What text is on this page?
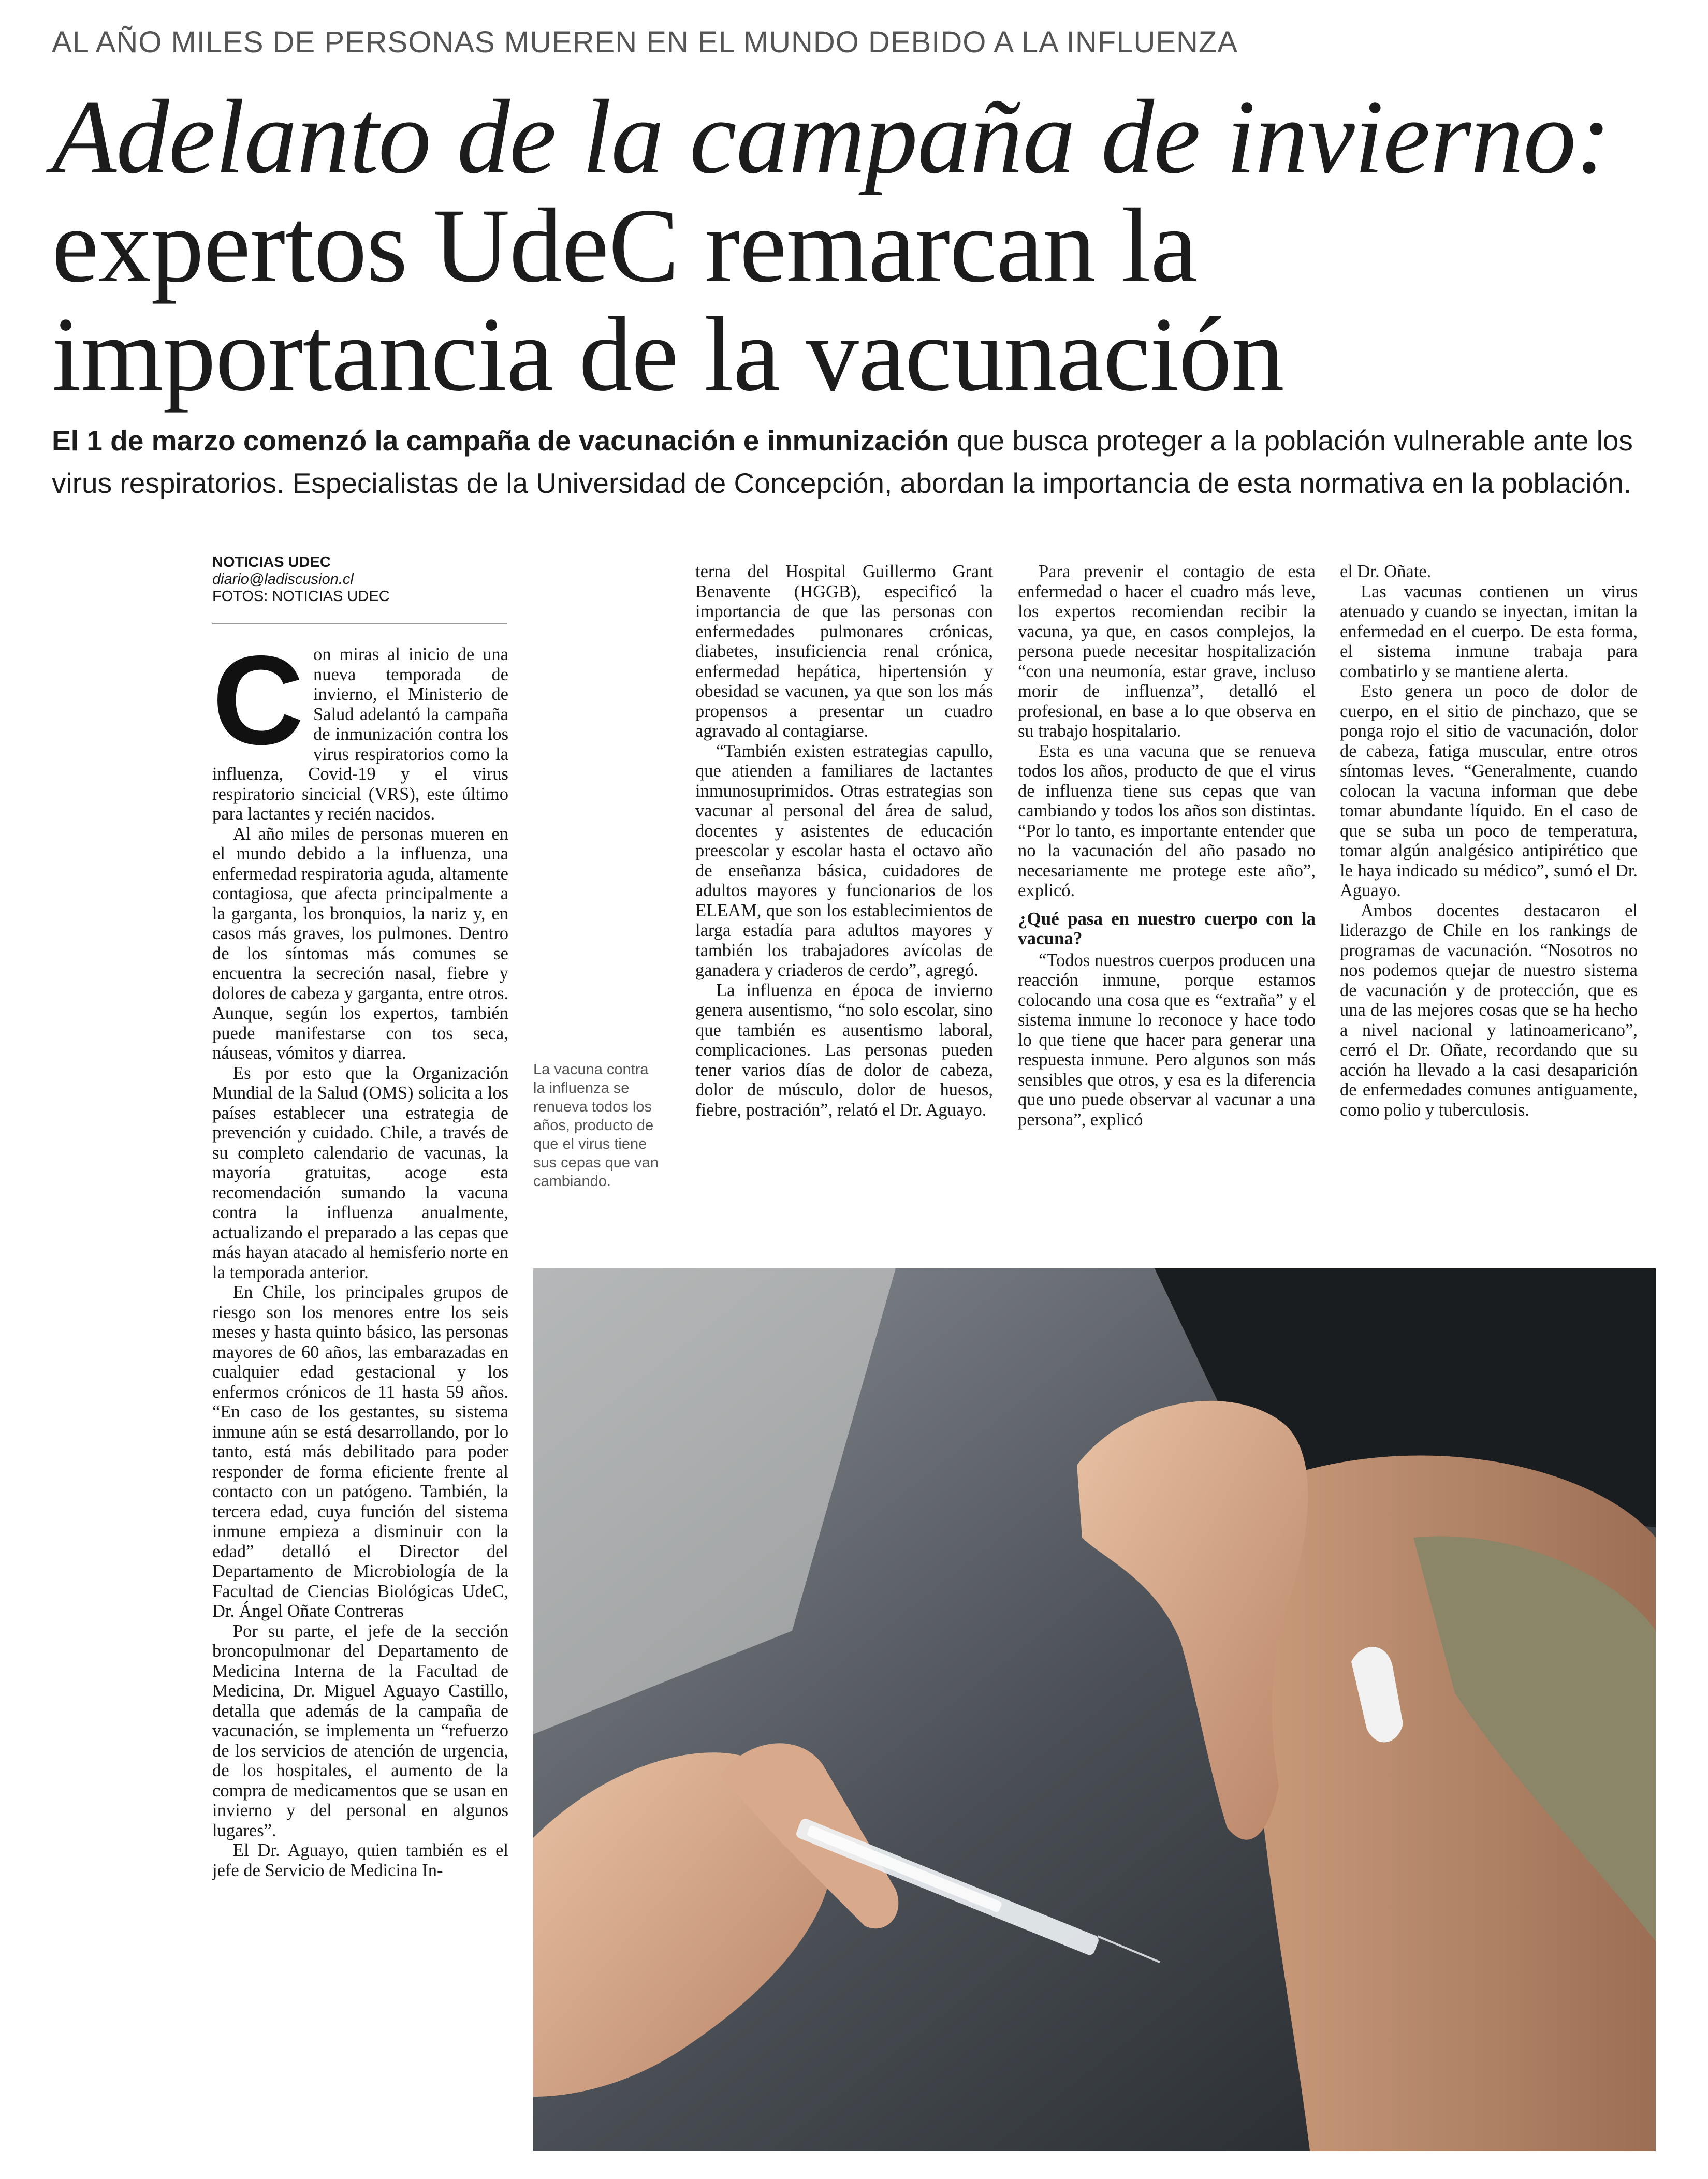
AL AÑO MILES DE PERSONAS MUEREN EN EL MUNDO DEBIDO A LA INFLUENZA
Adelanto de la campaña de invierno:
expertos UdeC remarcan la
importancia de la vacunación
El 1 de marzo comenzó la campaña de vacunación e inmunización que busca proteger a la población vulnerable ante los virus respiratorios. Especialistas de la Universidad de Concepción, abordan la importancia de esta normativa en la población.
NOTICIAS UDEC
diario@ladiscusion.cl
FOTOS: NOTICIAS UDEC
C on miras al inicio de una nueva temporada de invierno, el Ministerio de Salud adelantó la campaña de inmunización contra los virus respiratorios como la influenza, Covid-19 y el virus respiratorio sincicial (VRS), este último para lactantes y recién nacidos.

Al año miles de personas mueren en el mundo debido a la influenza, una enfermedad respiratoria aguda, altamente contagiosa, que afecta principalmente a la garganta, los bronquios, la nariz y, en casos más graves, los pulmones. Dentro de los síntomas más comunes se encuentra la secreción nasal, fiebre y dolores de cabeza y garganta, entre otros. Aunque, según los expertos, también puede manifestarse con tos seca, náuseas, vómitos y diarrea.

Es por esto que la Organización Mundial de la Salud (OMS) solicita a los países establecer una estrategia de prevención y cuidado. Chile, a través de su completo calendario de vacunas, la mayoría gratuitas, acoge esta recomendación sumando la vacuna contra la influenza anualmente, actualizando el preparado a las cepas que más hayan atacado al hemisferio norte en la temporada anterior.

En Chile, los principales grupos de riesgo son los menores entre los seis meses y hasta quinto básico, las personas mayores de 60 años, las embarazadas en cualquier edad gestacional y los enfermos crónicos de 11 hasta 59 años. “En caso de los gestantes, su sistema inmune aún se está desarrollando, por lo tanto, está más debilitado para poder responder de forma eficiente frente al contacto con un patógeno. También, la tercera edad, cuya función del sistema inmune empieza a disminuir con la edad” detalló el Director del Departamento de Microbiología de la Facultad de Ciencias Biológicas UdeC, Dr. Ángel Oñate Contreras

Por su parte, el jefe de la sección broncopulmonar del Departamento de Medicina Interna de la Facultad de Medicina, Dr. Miguel Aguayo Castillo, detalla que además de la campaña de vacunación, se implementa un “refuerzo de los servicios de atención de urgencia, de los hospitales, el aumento de la compra de medicamentos que se usan en invierno y del personal en algunos lugares”.

El Dr. Aguayo, quien también es el jefe de Servicio de Medicina In-

terna del Hospital Guillermo Grant Benavente (HGGB), especificó la importancia de que las personas con enfermedades pulmonares crónicas, diabetes, insuficiencia renal crónica, enfermedad hepática, hipertensión y obesidad se vacunen, ya que son los más propensos a presentar un cuadro agravado al contagiarse.

“También existen estrategias capullo, que atienden a familiares de lactantes inmunosuprimidos. Otras estrategias son vacunar al personal del área de salud, docentes y asistentes de educación preescolar y escolar hasta el octavo año de enseñanza básica, cuidadores de adultos mayores y funcionarios de los ELEAM, que son los establecimientos de larga estadía para adultos mayores y también los trabajadores avícolas de ganadera y criaderos de cerdo”, agregó.

La influenza en época de invierno genera ausentismo, “no solo escolar, sino que también es ausentismo laboral, complicaciones. Las personas pueden tener varios días de dolor de cabeza, dolor de músculo, dolor de huesos, fiebre, postración”, relató el Dr. Aguayo.

Para prevenir el contagio de esta enfermedad o hacer el cuadro más leve, los expertos recomiendan recibir la vacuna, ya que, en casos complejos, la persona puede necesitar hospitalización “con una neumonía, estar grave, incluso morir de influenza”, detalló el profesional, en base a lo que observa en su trabajo hospitalario.

Esta es una vacuna que se renueva todos los años, producto de que el virus de influenza tiene sus cepas que van cambiando y todos los años son distintas. “Por lo tanto, es importante entender que no la vacunación del año pasado no necesariamente me protege este año”, explicó.

¿Qué pasa en nuestro cuerpo con la vacuna?

“Todos nuestros cuerpos producen una reacción inmune, porque estamos colocando una cosa que es “extraña” y el sistema inmune lo reconoce y hace todo lo que tiene que hacer para generar una respuesta inmune. Pero algunos son más sensibles que otros, y esa es la diferencia que uno puede observar al vacunar a una persona”, explicó

el Dr. Oñate.

Las vacunas contienen un virus atenuado y cuando se inyectan, imitan la enfermedad en el cuerpo. De esta forma, el sistema inmune trabaja para combatirlo y se mantiene alerta.

Esto genera un poco de dolor de cuerpo, en el sitio de pinchazo, que se ponga rojo el sitio de vacunación, dolor de cabeza, fatiga muscular, entre otros síntomas leves. “Generalmente, cuando colocan la vacuna informan que debe tomar abundante líquido. En el caso de que se suba un poco de temperatura, tomar algún analgésico antipirético que le haya indicado su médico”, sumó el Dr. Aguayo.

Ambos docentes destacaron el liderazgo de Chile en los rankings de programas de vacunación. “Nosotros no nos podemos quejar de nuestro sistema de vacunación y de protección, que es una de las mejores cosas que se ha hecho a nivel nacional y latinoamericano”, cerró el Dr. Oñate, recordando que su acción ha llevado a la casi desaparición de enfermedades comunes antiguamente, como polio y tuberculosis.

La vacuna contra la influenza se renueva todos los años, producto de que el virus tiene sus cepas que van cambiando.
